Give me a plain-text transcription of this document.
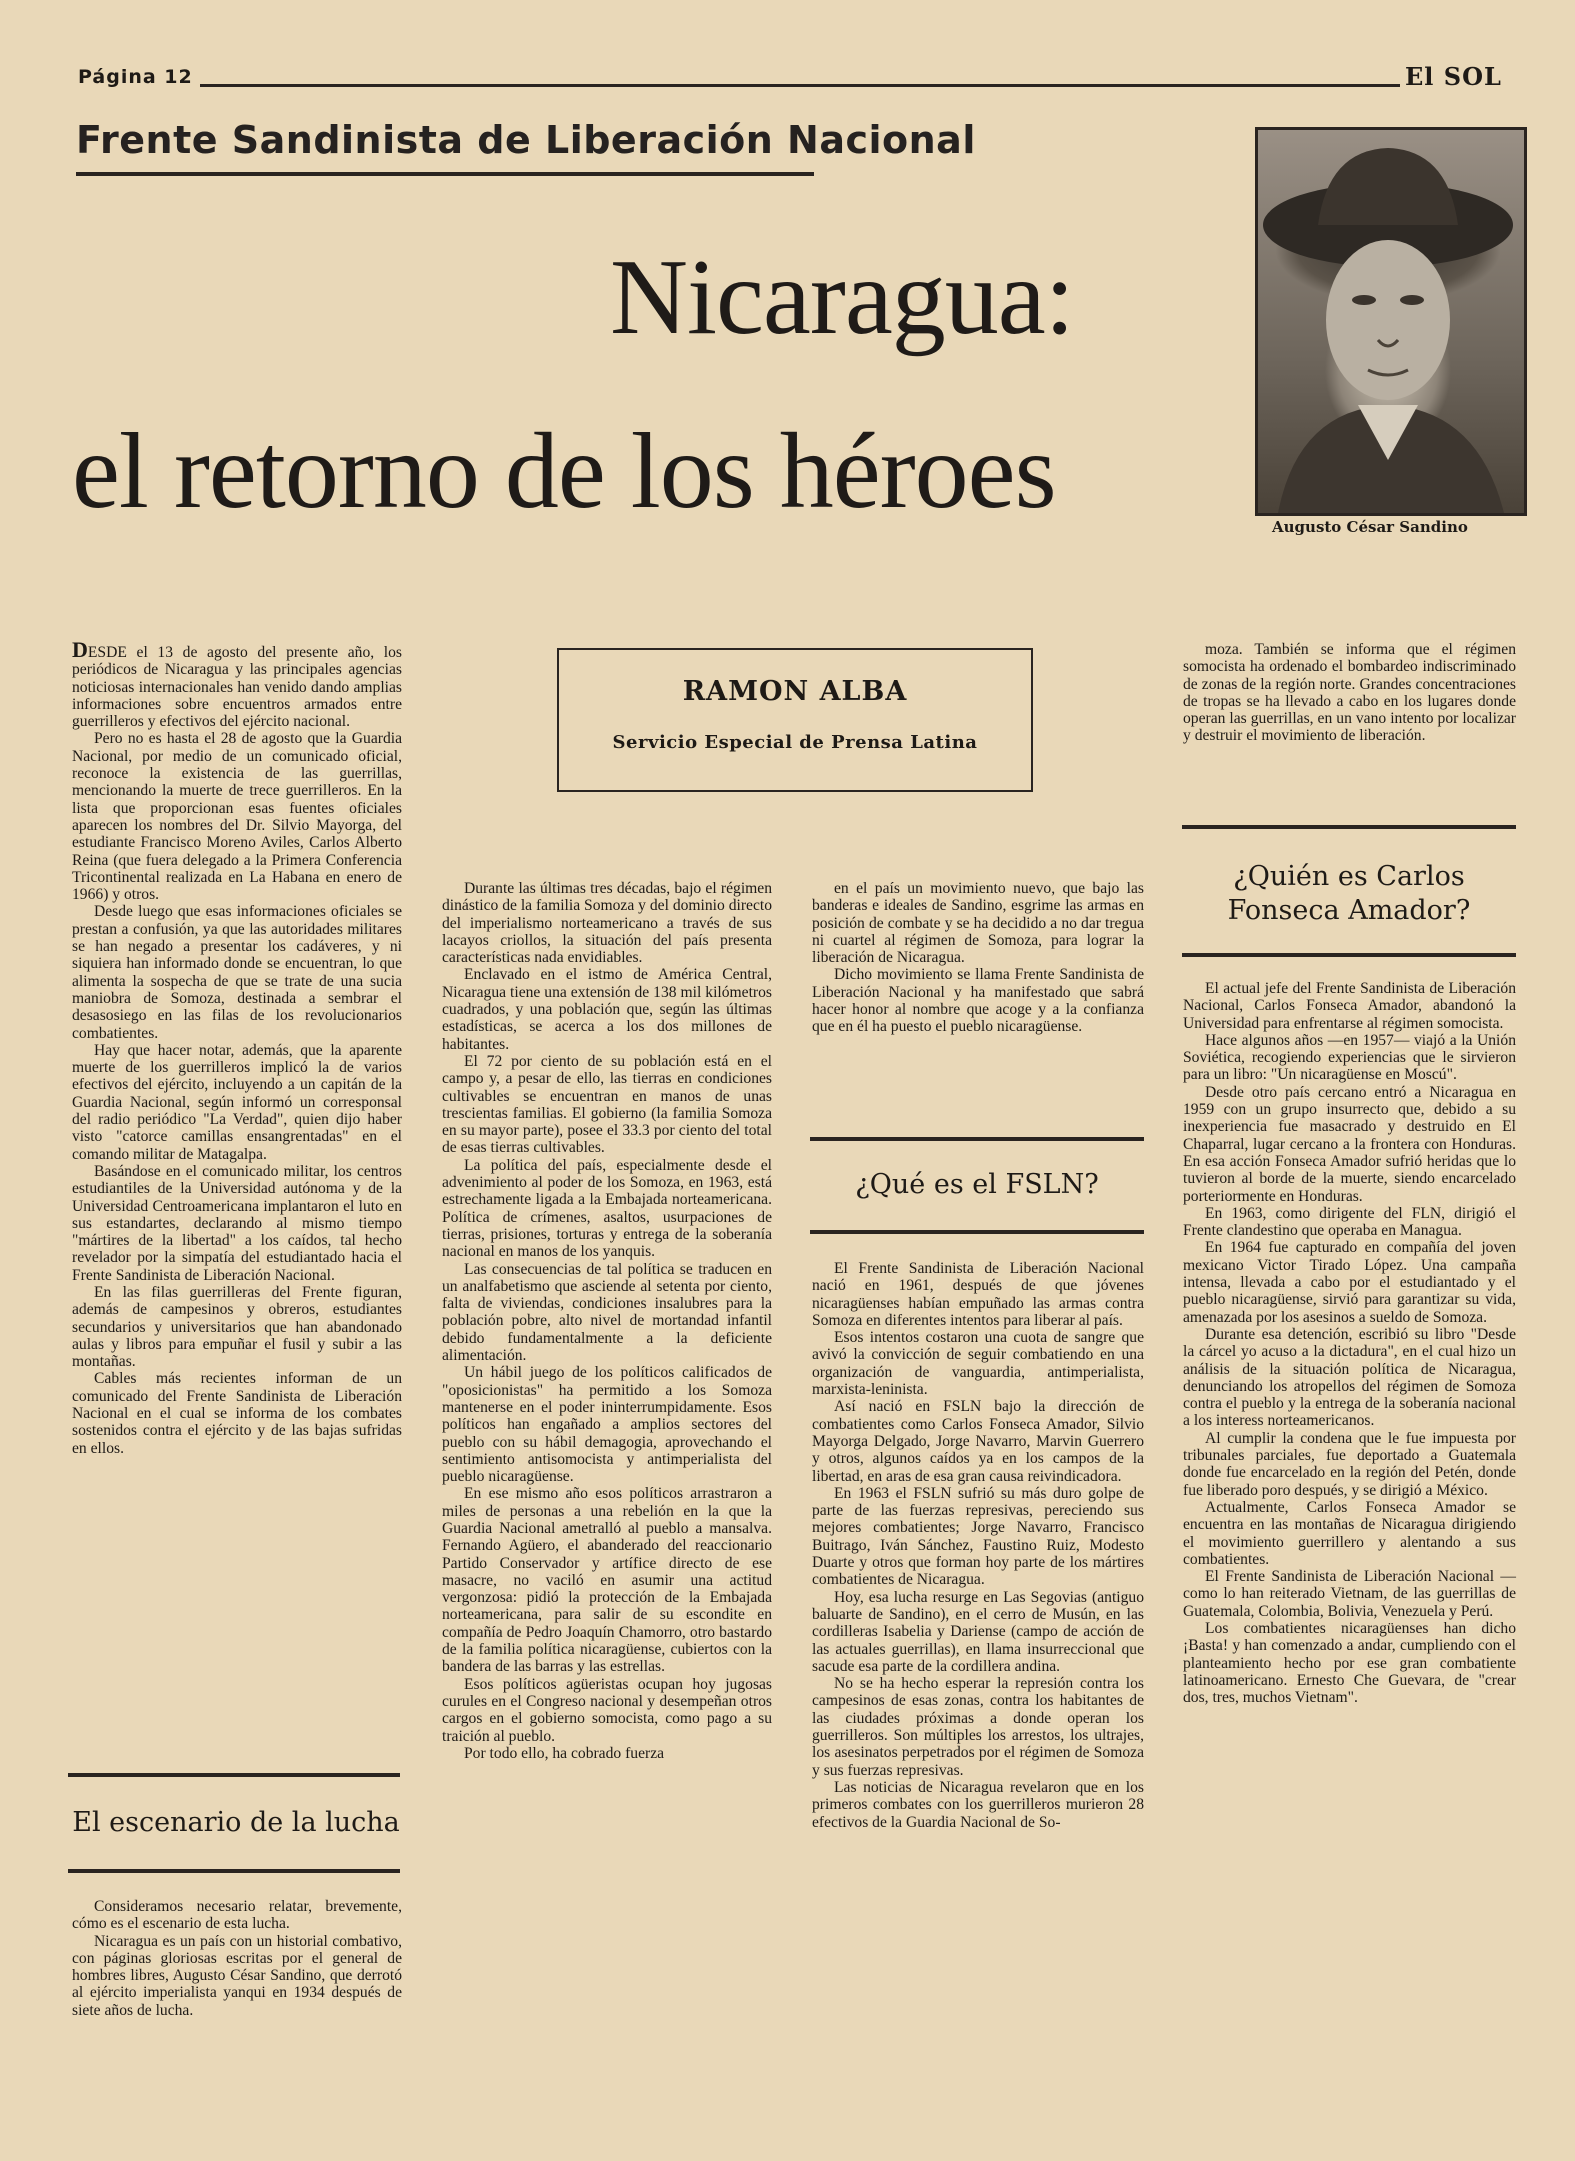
Página 12	El SOL
Frente Sandinista de Liberación Nacional
Nicaragua:
el retorno de los héroes	Augusto César Sandino
RAMON ALBA
Servicio Especial de Prensa Latina

DESDE el 13 de agosto del presente año, los periódicos de Nicaragua y las principales agencias noticiosas internacionales han venido dando amplias informaciones sobre encuentros armados entre guerrilleros y efectivos del ejército nacional.

Pero no es hasta el 28 de agosto que la Guardia Nacional, por medio de un comunicado oficial, reconoce la existencia de las guerrillas, mencionando la muerte de trece guerrilleros. En la lista que proporcionan esas fuentes oficiales aparecen los nombres del Dr. Silvio Mayorga, del estudiante Francisco Moreno Aviles, Carlos Alberto Reina (que fuera delegado a la Primera Conferencia Tricontinental realizada en La Habana en enero de 1966) y otros.

Desde luego que esas informaciones oficiales se prestan a confusión, ya que las autoridades militares se han negado a presentar los cadáveres, y ni siquiera han informado donde se encuentran, lo que alimenta la sospecha de que se trate de una sucia maniobra de Somoza, destinada a sembrar el desasosiego en las filas de los revolucionarios combatientes.

Hay que hacer notar, además, que la aparente muerte de los guerrilleros implicó la de varios efectivos del ejército, incluyendo a un capitán de la Guardia Nacional, según informó un corresponsal del radio periódico "La Verdad", quien dijo haber visto "catorce camillas ensangrentadas" en el comando militar de Matagalpa.

Basándose en el comunicado militar, los centros estudiantiles de la Universidad autónoma y de la Universidad Centroamericana implantaron el luto en sus estandartes, declarando al mismo tiempo "mártires de la libertad" a los caídos, tal hecho revelador por la simpatía del estudiantado hacia el Frente Sandinista de Liberación Nacional.

En las filas guerrilleras del Frente figuran, además de campesinos y obreros, estudiantes secundarios y universitarios que han abandonado aulas y libros para empuñar el fusil y subir a las montañas.

Cables más recientes informan de un comunicado del Frente Sandinista de Liberación Nacional en el cual se informa de los combates sostenidos contra el ejército y de las bajas sufridas en ellos.

El escenario de la lucha

Consideramos necesario relatar, brevemente, cómo es el escenario de esta lucha.

Nicaragua es un país con un historial combativo, con páginas gloriosas escritas por el general de hombres libres, Augusto César Sandino, que derrotó al ejército imperialista yanqui en 1934 después de siete años de lucha.

Durante las últimas tres décadas, bajo el régimen dinástico de la familia Somoza y del dominio directo del imperialismo norteamericano a través de sus lacayos criollos, la situación del país presenta características nada envidiables.

Enclavado en el istmo de América Central, Nicaragua tiene una extensión de 138 mil kilómetros cuadrados, y una población que, según las últimas estadísticas, se acerca a los dos millones de habitantes.

El 72 por ciento de su población está en el campo y, a pesar de ello, las tierras en condiciones cultivables se encuentran en manos de unas trescientas familias. El gobierno (la familia Somoza en su mayor parte), posee el 33.3 por ciento del total de esas tierras cultivables.

La política del país, especialmente desde el advenimiento al poder de los Somoza, en 1963, está estrechamente ligada a la Embajada norteamericana. Política de crímenes, asaltos, usurpaciones de tierras, prisiones, torturas y entrega de la soberanía nacional en manos de los yanquis.

Las consecuencias de tal política se traducen en un analfabetismo que asciende al setenta por ciento, falta de viviendas, condiciones insalubres para la población pobre, alto nivel de mortandad infantil debido fundamentalmente a la deficiente alimentación.

Un hábil juego de los políticos calificados de "oposicionistas" ha permitido a los Somoza mantenerse en el poder ininterrumpidamente. Esos políticos han engañado a amplios sectores del pueblo con su hábil demagogia, aprovechando el sentimiento antisomocista y antimperialista del pueblo nicaragüense.

En ese mismo año esos políticos arrastraron a miles de personas a una rebelión en la que la Guardia Nacional ametralló al pueblo a mansalva. Fernando Agüero, el abanderado del reaccionario Partido Conservador y artífice directo de ese masacre, no vaciló en asumir una actitud vergonzosa: pidió la protección de la Embajada norteamericana, para salir de su escondite en compañía de Pedro Joaquín Chamorro, otro bastardo de la familia política nicaragüense, cubiertos con la bandera de las barras y las estrellas.

Esos políticos agüeristas ocupan hoy jugosas curules en el Congreso nacional y desempeñan otros cargos en el gobierno somocista, como pago a su traición al pueblo.

Por todo ello, ha cobrado fuerza

en el país un movimiento nuevo, que bajo las banderas e ideales de Sandino, esgrime las armas en posición de combate y se ha decidido a no dar tregua ni cuartel al régimen de Somoza, para lograr la liberación de Nicaragua.

Dicho movimiento se llama Frente Sandinista de Liberación Nacional y ha manifestado que sabrá hacer honor al nombre que acoge y a la confianza que en él ha puesto el pueblo nicaragüense.

¿Qué es el FSLN?

El Frente Sandinista de Liberación Nacional nació en 1961, después de que jóvenes nicaragüenses habían empuñado las armas contra Somoza en diferentes intentos para liberar al país.

Esos intentos costaron una cuota de sangre que avivó la convicción de seguir combatiendo en una organización de vanguardia, antimperialista, marxista-leninista.

Así nació en FSLN bajo la dirección de combatientes como Carlos Fonseca Amador, Silvio Mayorga Delgado, Jorge Navarro, Marvin Guerrero y otros, algunos caídos ya en los campos de la libertad, en aras de esa gran causa reivindicadora.

En 1963 el FSLN sufrió su más duro golpe de parte de las fuerzas represivas, pereciendo sus mejores combatientes; Jorge Navarro, Francisco Buitrago, Iván Sánchez, Faustino Ruiz, Modesto Duarte y otros que forman hoy parte de los mártires combatientes de Nicaragua.

Hoy, esa lucha resurge en Las Segovias (antiguo baluarte de Sandino), en el cerro de Musún, en las cordilleras Isabelia y Dariense (campo de acción de las actuales guerrillas), en llama insurreccional que sacude esa parte de la cordillera andina.

No se ha hecho esperar la represión contra los campesinos de esas zonas, contra los habitantes de las ciudades próximas a donde operan los guerrilleros. Son múltiples los arrestos, los ultrajes, los asesinatos perpetrados por el régimen de Somoza y sus fuerzas represivas.

Las noticias de Nicaragua revelaron que en los primeros combates con los guerrilleros murieron 28 efectivos de la Guardia Nacional de So-

moza. También se informa que el régimen somocista ha ordenado el bombardeo indiscriminado de zonas de la región norte. Grandes concentraciones de tropas se ha llevado a cabo en los lugares donde operan las guerrillas, en un vano intento por localizar y destruir el movimiento de liberación.

¿Quién es Carlos Fonseca Amador?

El actual jefe del Frente Sandinista de Liberación Nacional, Carlos Fonseca Amador, abandonó la Universidad para enfrentarse al régimen somocista.

Hace algunos años —en 1957— viajó a la Unión Soviética, recogiendo experiencias que le sirvieron para un libro: "Un nicaragüense en Moscú".

Desde otro país cercano entró a Nicaragua en 1959 con un grupo insurrecto que, debido a su inexperiencia fue masacrado y destruido en El Chaparral, lugar cercano a la frontera con Honduras. En esa acción Fonseca Amador sufrió heridas que lo tuvieron al borde de la muerte, siendo encarcelado porteriormente en Honduras.

En 1963, como dirigente del FLN, dirigió el Frente clandestino que operaba en Managua.

En 1964 fue capturado en compañía del joven mexicano Victor Tirado López. Una campaña intensa, llevada a cabo por el estudiantado y el pueblo nicaragüense, sirvió para garantizar su vida, amenazada por los asesinos a sueldo de Somoza.

Durante esa detención, escribió su libro "Desde la cárcel yo acuso a la dictadura", en el cual hizo un análisis de la situación política de Nicaragua, denunciando los atropellos del régimen de Somoza contra el pueblo y la entrega de la soberanía nacional a los interess norteamericanos.

Al cumplir la condena que le fue impuesta por tribunales parciales, fue deportado a Guatemala donde fue encarcelado en la región del Petén, donde fue liberado poro después, y se dirigió a México.

Actualmente, Carlos Fonseca Amador se encuentra en las montañas de Nicaragua dirigiendo el movimiento guerrillero y alentando a sus combatientes.

El Frente Sandinista de Liberación Nacional —como lo han reiterado Vietnam, de las guerrillas de Guatemala, Colombia, Bolivia, Venezuela y Perú.

Los combatientes nicaragüenses han dicho ¡Basta! y han comenzado a andar, cumpliendo con el planteamiento hecho por ese gran combatiente latinoamericano. Ernesto Che Guevara, de "crear dos, tres, muchos Vietnam".
